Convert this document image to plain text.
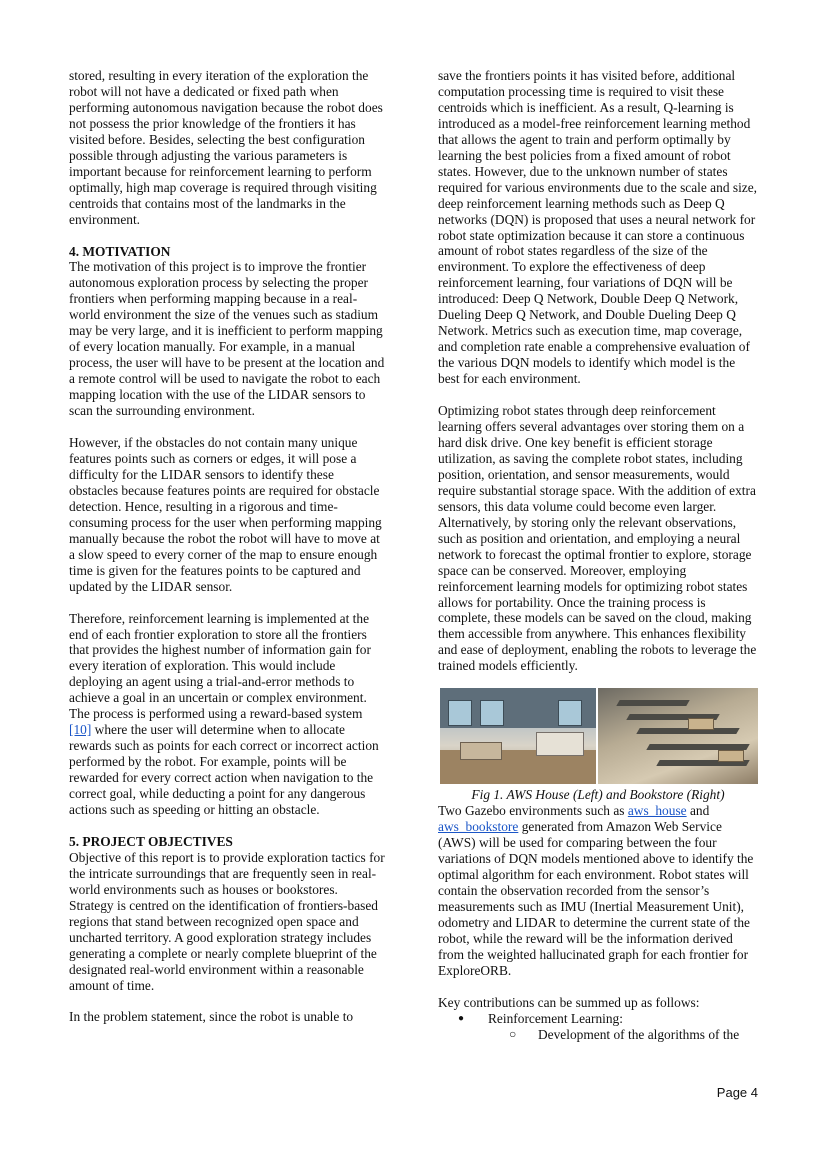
stored, resulting in every iteration of the exploration the robot will not have a dedicated or fixed path when performing autonomous navigation because the robot does not possess the prior knowledge of the frontiers it has visited before. Besides, selecting the best configuration possible through adjusting the various parameters is important because for reinforcement learning to perform optimally, high map coverage is required through visiting centroids that contains most of the landmarks in the environment.

4. MOTIVATION

The motivation of this project is to improve the frontier autonomous exploration process by selecting the proper frontiers when performing mapping because in a real-world environment the size of the venues such as stadium may be very large, and it is inefficient to perform mapping of every location manually. For example, in a manual process, the user will have to be present at the location and a remote control will be used to navigate the robot to each mapping location with the use of the LIDAR sensors to scan the surrounding environment.

However, if the obstacles do not contain many unique features points such as corners or edges, it will pose a difficulty for the LIDAR sensors to identify these obstacles because features points are required for obstacle detection. Hence, resulting in a rigorous and time-consuming process for the user when performing mapping manually because the robot the robot will have to move at a slow speed to every corner of the map to ensure enough time is given for the features points to be captured and updated by the LIDAR sensor.

Therefore, reinforcement learning is implemented at the end of each frontier exploration to store all the frontiers that provides the highest number of information gain for every iteration of exploration. This would include deploying an agent using a trial-and-error methods to achieve a goal in an uncertain or complex environment. The process is performed using a reward-based system [10] where the user will determine when to allocate rewards such as points for each correct or incorrect action performed by the robot. For example, points will be rewarded for every correct action when navigation to the correct goal, while deducting a point for any dangerous actions such as speeding or hitting an obstacle.

5. PROJECT OBJECTIVES

Objective of this report is to provide exploration tactics for the intricate surroundings that are frequently seen in real-world environments such as houses or bookstores. Strategy is centred on the identification of frontiers-based regions that stand between recognized open space and uncharted territory. A good exploration strategy includes generating a complete or nearly complete blueprint of the designated real-world environment within a reasonable amount of time.

In the problem statement, since the robot is unable to

save the frontiers points it has visited before, additional computation processing time is required to visit these centroids which is inefficient. As a result, Q-learning is introduced as a model-free reinforcement learning method that allows the agent to train and perform optimally by learning the best policies from a fixed amount of robot states. However, due to the unknown number of states required for various environments due to the scale and size, deep reinforcement learning methods such as Deep Q networks (DQN) is proposed that uses a neural network for robot state optimization because it can store a continuous amount of robot states regardless of the size of the environment. To explore the effectiveness of deep reinforcement learning, four variations of DQN will be introduced: Deep Q Network, Double Deep Q Network, Dueling Deep Q Network, and Double Dueling Deep Q Network. Metrics such as execution time, map coverage, and completion rate enable a comprehensive evaluation of the various DQN models to identify which model is the best for each environment.

Optimizing robot states through deep reinforcement learning offers several advantages over storing them on a hard disk drive. One key benefit is efficient storage utilization, as saving the complete robot states, including position, orientation, and sensor measurements, would require substantial storage space. With the addition of extra sensors, this data volume could become even larger. Alternatively, by storing only the relevant observations, such as position and orientation, and employing a neural network to forecast the optimal frontier to explore, storage space can be conserved. Moreover, employing reinforcement learning models for optimizing robot states allows for portability. Once the training process is complete, these models can be saved on the cloud, making them accessible from anywhere. This enhances flexibility and ease of deployment, enabling the robots to leverage the trained models efficiently.

Fig 1. AWS House (Left) and Bookstore (Right)

Two Gazebo environments such as aws_house and aws_bookstore generated from Amazon Web Service (AWS) will be used for comparing between the four variations of DQN models mentioned above to identify the optimal algorithm for each environment. Robot states will contain the observation recorded from the sensor’s measurements such as IMU (Inertial Measurement Unit), odometry and LIDAR to determine the current state of the robot, while the reward will be the information derived from the weighted hallucinated graph for each frontier for ExploreORB.

Key contributions can be summed up as follows:

● Reinforcement Learning:
○ Development of the algorithms of the
Page 4
